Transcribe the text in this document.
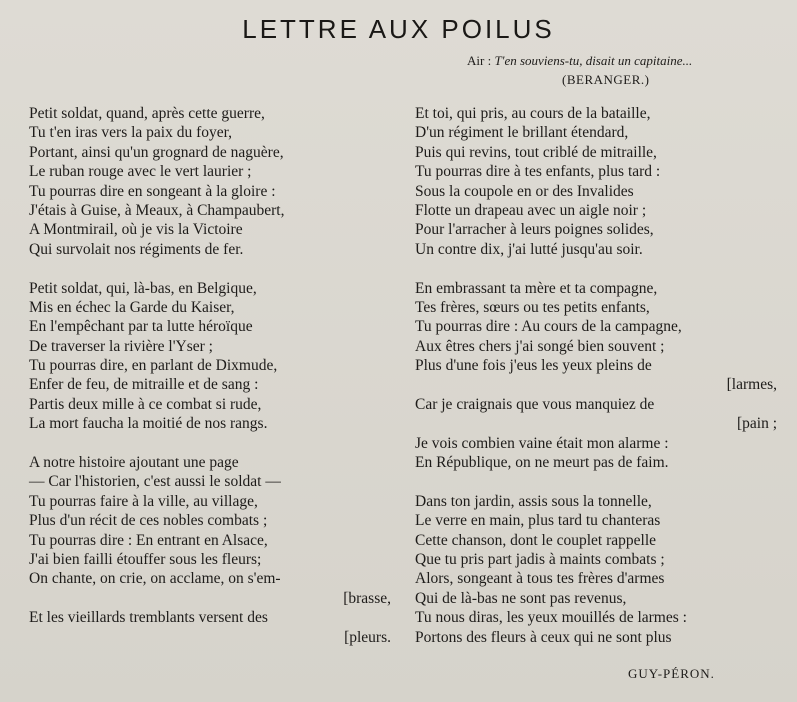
LETTRE AUX POILUS
Air : T'en souviens-tu, disait un capitaine...
(BERANGER.)
Petit soldat, quand, après cette guerre,
Tu t'en iras vers la paix du foyer,
Portant, ainsi qu'un grognard de naguère,
Le ruban rouge avec le vert laurier ;
Tu pourras dire en songeant à la gloire :
J'étais à Guise, à Meaux, à Champaubert,
A Montmirail, où je vis la Victoire
Qui survolait nos régiments de fer.
Petit soldat, qui, là-bas, en Belgique,
Mis en échec la Garde du Kaiser,
En l'empêchant par ta lutte héroïque
De traverser la rivière l'Yser ;
Tu pourras dire, en parlant de Dixmude,
Enfer de feu, de mitraille et de sang :
Partis deux mille à ce combat si rude,
La mort faucha la moitié de nos rangs.
A notre histoire ajoutant une page
— Car l'historien, c'est aussi le soldat —
Tu pourras faire à la ville, au village,
Plus d'un récit de ces nobles combats ;
Tu pourras dire : En entrant en Alsace,
J'ai bien failli étouffer sous les fleurs;
On chante, on crie, on acclame, on s'em-
[brasse,
Et les vieillards tremblants versent des
[pleurs.
Et toi, qui pris, au cours de la bataille,
D'un régiment le brillant étendard,
Puis qui revins, tout criblé de mitraille,
Tu pourras dire à tes enfants, plus tard :
Sous la coupole en or des Invalides
Flotte un drapeau avec un aigle noir ;
Pour l'arracher à leurs poignes solides,
Un contre dix, j'ai lutté jusqu'au soir.
En embrassant ta mère et ta compagne,
Tes frères, sœurs ou tes petits enfants,
Tu pourras dire : Au cours de la campagne,
Aux êtres chers j'ai songé bien souvent ;
Plus d'une fois j'eus les yeux pleins de
[larmes,
Car je craignais que vous manquiez de
[pain ;
Je vois combien vaine était mon alarme :
En République, on ne meurt pas de faim.
Dans ton jardin, assis sous la tonnelle,
Le verre en main, plus tard tu chanteras
Cette chanson, dont le couplet rappelle
Que tu pris part jadis à maints combats ;
Alors, songeant à tous tes frères d'armes
Qui de là-bas ne sont pas revenus,
Tu nous diras, les yeux mouillés de larmes :
Portons des fleurs à ceux qui ne sont plus
GUY-PÉRON.
